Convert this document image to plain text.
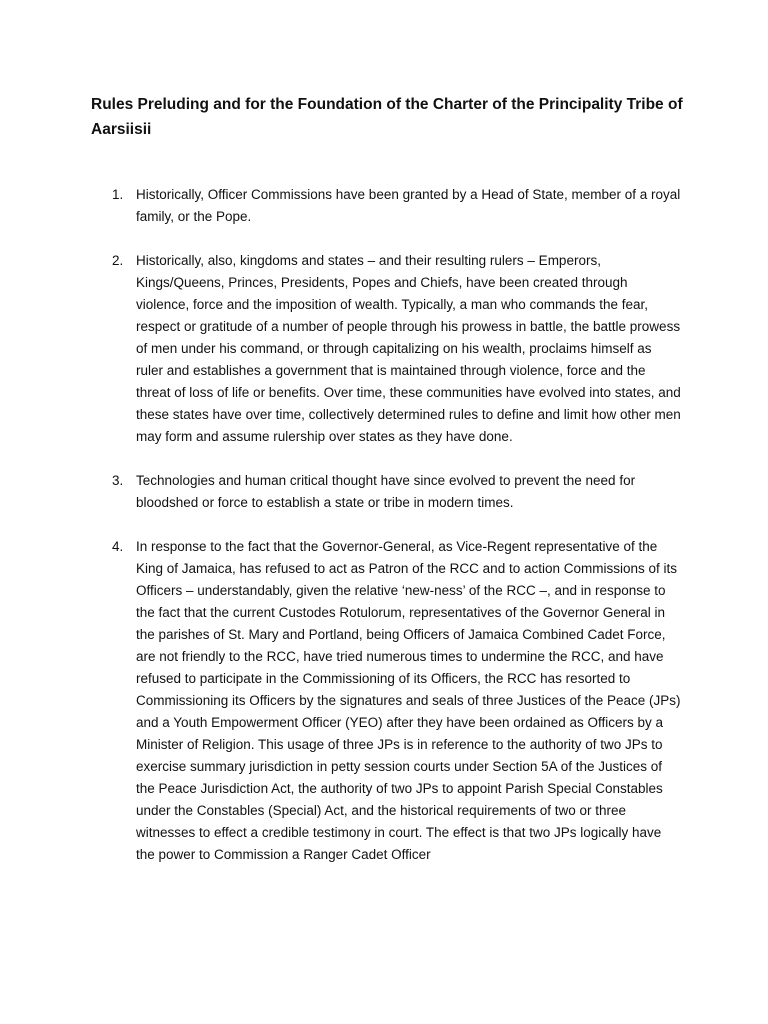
Rules Preluding and for the Foundation of the Charter of the Principality Tribe of Aarsiisii
1. Historically, Officer Commissions have been granted by a Head of State, member of a royal family, or the Pope.
2. Historically, also, kingdoms and states – and their resulting rulers – Emperors, Kings/Queens, Princes, Presidents, Popes and Chiefs, have been created through violence, force and the imposition of wealth. Typically, a man who commands the fear, respect or gratitude of a number of people through his prowess in battle, the battle prowess of men under his command, or through capitalizing on his wealth, proclaims himself as ruler and establishes a government that is maintained through violence, force and the threat of loss of life or benefits. Over time, these communities have evolved into states, and these states have over time, collectively determined rules to define and limit how other men may form and assume rulership over states as they have done.
3. Technologies and human critical thought have since evolved to prevent the need for bloodshed or force to establish a state or tribe in modern times.
4. In response to the fact that the Governor-General, as Vice-Regent representative of the King of Jamaica, has refused to act as Patron of the RCC and to action Commissions of its Officers – understandably, given the relative ‘new-ness’ of the RCC –, and in response to the fact that the current Custodes Rotulorum, representatives of the Governor General in the parishes of St. Mary and Portland, being Officers of Jamaica Combined Cadet Force, are not friendly to the RCC, have tried numerous times to undermine the RCC, and have refused to participate in the Commissioning of its Officers, the RCC has resorted to Commissioning its Officers by the signatures and seals of three Justices of the Peace (JPs) and a Youth Empowerment Officer (YEO) after they have been ordained as Officers by a Minister of Religion. This usage of three JPs is in reference to the authority of two JPs to exercise summary jurisdiction in petty session courts under Section 5A of the Justices of the Peace Jurisdiction Act, the authority of two JPs to appoint Parish Special Constables under the Constables (Special) Act, and the historical requirements of two or three witnesses to effect a credible testimony in court. The effect is that two JPs logically have the power to Commission a Ranger Cadet Officer
